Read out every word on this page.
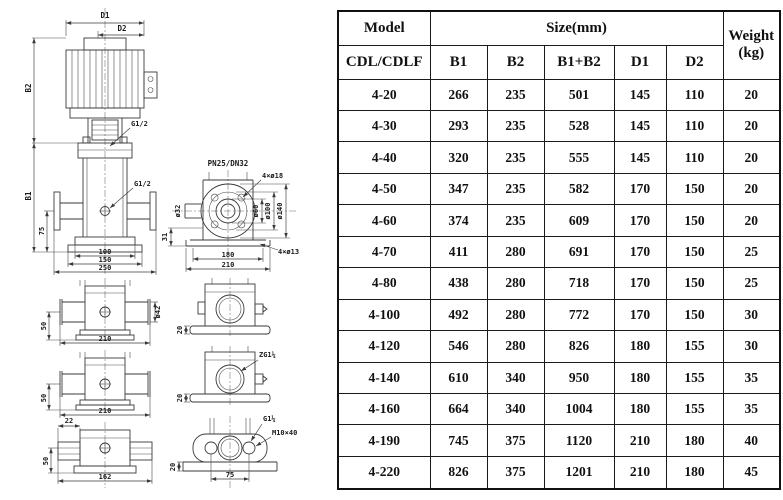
D1
D2
B2
G1/2
G1/2
B1
75
100
150
250
PN25/DN32
ø32
4×ø18
ø60 ø100 ø140
4×ø13
31
180
210
50
ø42
210
50
210
22
50
162
20
ZG1¼
20
G1¼
M10×40
20
75
Model	Size(mm)					Weight
(kg)

CDL/CDLF	B1	B2	B1+B2	D1	D2	
4-20	266	235	501	145	110	20
4-30	293	235	528	145	110	20
4-40	320	235	555	145	110	20
4-50	347	235	582	170	150	20
4-60	374	235	609	170	150	20
4-70	411	280	691	170	150	25
4-80	438	280	718	170	150	25
4-100	492	280	772	170	150	30
4-120	546	280	826	180	155	30
4-140	610	340	950	180	155	35
4-160	664	340	1004	180	155	35
4-190	745	375	1120	210	180	40
4-220	826	375	1201	210	180	45
